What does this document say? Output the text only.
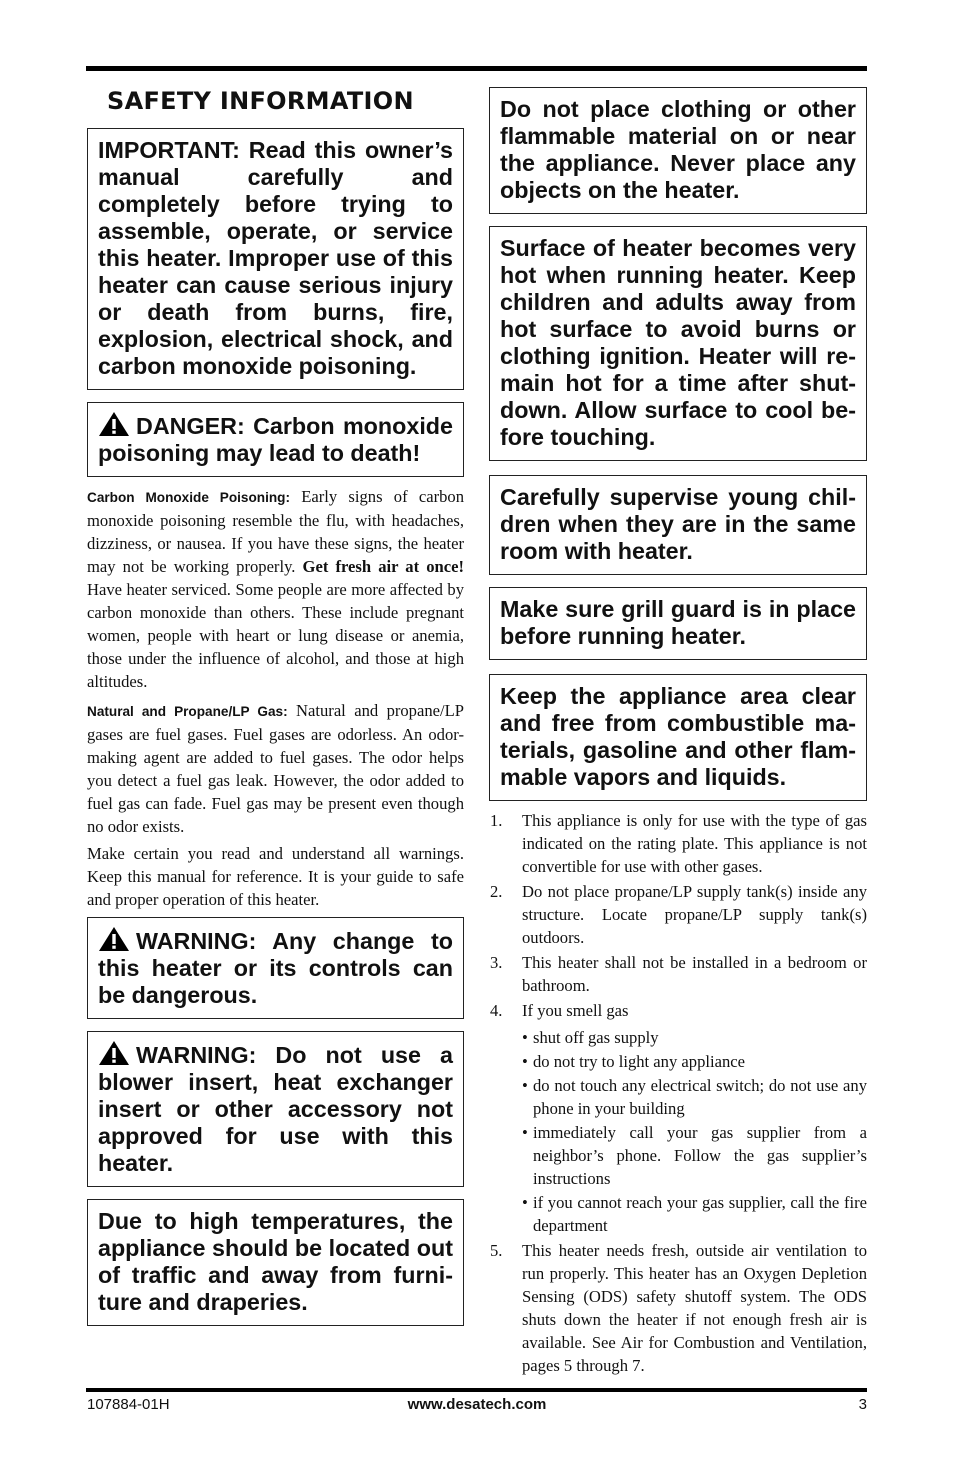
SAFETY INFORMATION

IMPORTANT: Read this owner’s manual carefully and completely before trying to assemble, operate, or service this heater. Improper use of this heater can cause serious injury or death from burns, fire, explosion, electrical shock, and carbon monoxide poisoning.

DANGER: Carbon monoxide poisoning may lead to death!

Carbon Monoxide Poisoning: Early signs of carbon monoxide poisoning resemble the flu, with headaches, dizziness, or nausea. If you have these signs, the heater may not be working properly. Get fresh air at once! Have heater serviced. Some people are more affected by carbon monoxide than others. These include pregnant women, people with heart or lung disease or anemia, those under the influence of alcohol, and those at high altitudes.

Natural and Propane/LP Gas: Natural and propane/LP gases are fuel gases. Fuel gases are odorless. An odor-making agent are added to fuel gases. The odor helps you detect a fuel gas leak. However, the odor added to fuel gas can fade. Fuel gas may be present even though no odor exists.

Make certain you read and understand all warnings. Keep this manual for reference. It is your guide to safe and proper operation of this heater.

WARNING: Any change to this heater or its controls can be dangerous.

WARNING: Do not use a blower insert, heat exchanger insert or other accessory not approved for use with this heater.

Due to high temperatures, the appliance should be located out of traffic and away from furniture and draperies.

Do not place clothing or other flammable material on or near the appliance. Never place any objects on the heater.

Surface of heater becomes very hot when running heater. Keep children and adults away from hot surface to avoid burns or clothing ignition. Heater will remain hot for a time after shutdown. Allow surface to cool before touching.

Carefully supervise young children when they are in the same room with heater.

Make sure grill guard is in place before running heater.

Keep the appliance area clear and free from combustible materials, gasoline and other flammable vapors and liquids.

1. This appliance is only for use with the type of gas indicated on the rating plate. This appliance is not convertible for use with other gases.
2. Do not place propane/LP supply tank(s) inside any structure. Locate propane/LP supply tank(s) outdoors.
3. This heater shall not be installed in a bedroom or bathroom.
4. If you smell gas
• shut off gas supply
• do not try to light any appliance
• do not touch any electrical switch; do not use any phone in your building
• immediately call your gas supplier from a neighbor’s phone. Follow the gas supplier’s instructions
• if you cannot reach your gas supplier, call the fire department
5. This heater needs fresh, outside air ventilation to run properly. This heater has an Oxygen Depletion Sensing (ODS) safety shutoff system. The ODS shuts down the heater if not enough fresh air is available. See Air for Combustion and Ventilation, pages 5 through 7.
107884-01H	www.desatech.com	3
